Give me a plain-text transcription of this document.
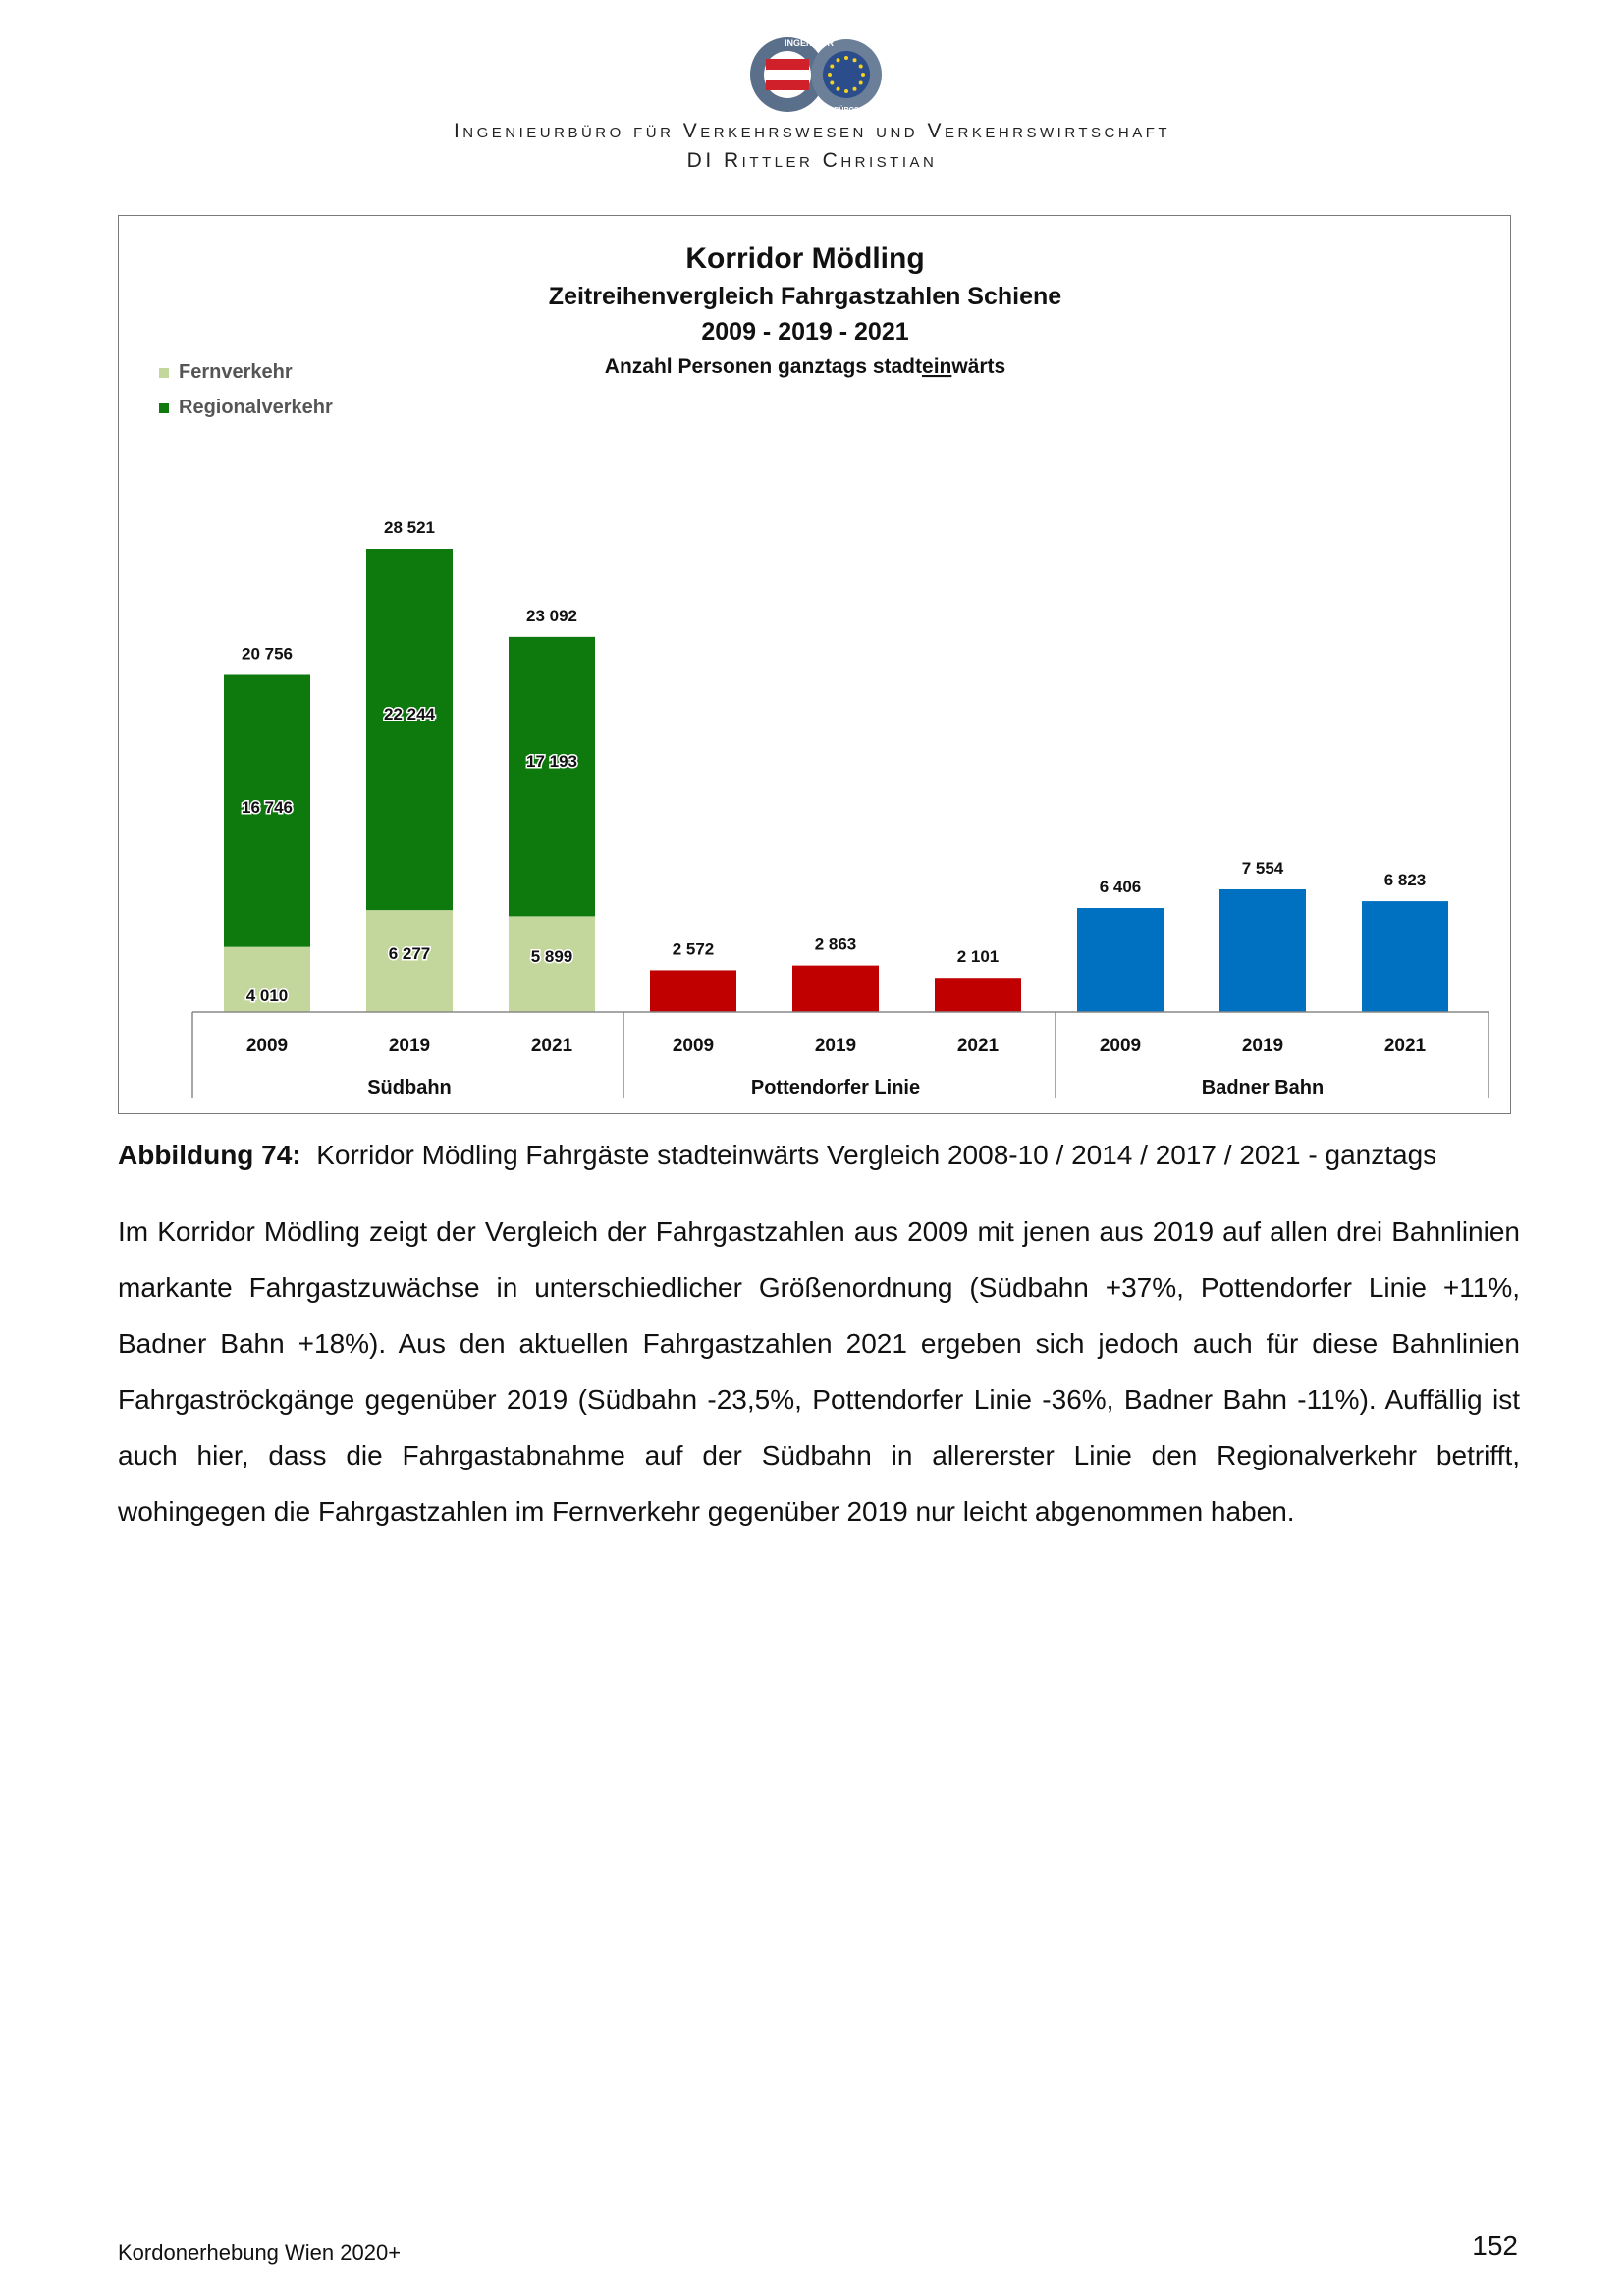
INGENIEUR
BÜROS
Ingenieurbüro für Verkehrswesen und Verkehrswirtschaft
DI Rittler Christian
Korridor Mödling
Zeitreihenvergleich Fahrgastzahlen Schiene
2009 - 2019 - 2021
Anzahl Personen ganztags stadteinwärts
Fernverkehr
Regionalverkehr
4 010
16 746
20 756
6 277
22 244
28 521
5 899
17 193
23 092
2 572	2 863
2 101
6 406
7 554
6 823
2009	2019	2021	2009	2019	2021	2009	2019	2021
Südbahn	Pottendorfer Linie	Badner Bahn
Abbildung 74: Korridor Mödling Fahrgäste stadteinwärts Vergleich 2008-10 / 2014 / 2017 / 2021 - ganztags
Im Korridor Mödling zeigt der Vergleich der Fahrgastzahlen aus 2009 mit jenen aus 2019 auf allen drei Bahnlinien markante Fahrgastzuwächse in unterschiedlicher Größenordnung (Südbahn +37%, Pottendorfer Linie +11%, Badner Bahn +18%). Aus den aktuellen Fahrgastzahlen 2021 ergeben sich jedoch auch für diese Bahnlinien Fahrgaströckgänge gegenüber 2019 (Südbahn -23,5%, Pottendorfer Linie -36%, Badner Bahn -11%). Auffällig ist auch hier, dass die Fahrgastabnahme auf der Südbahn in allererster Linie den Regionalverkehr betrifft, wohingegen die Fahrgastzahlen im Fernverkehr gegenüber 2019 nur leicht abgenommen haben.
Kordonerhebung Wien 2020+	152
